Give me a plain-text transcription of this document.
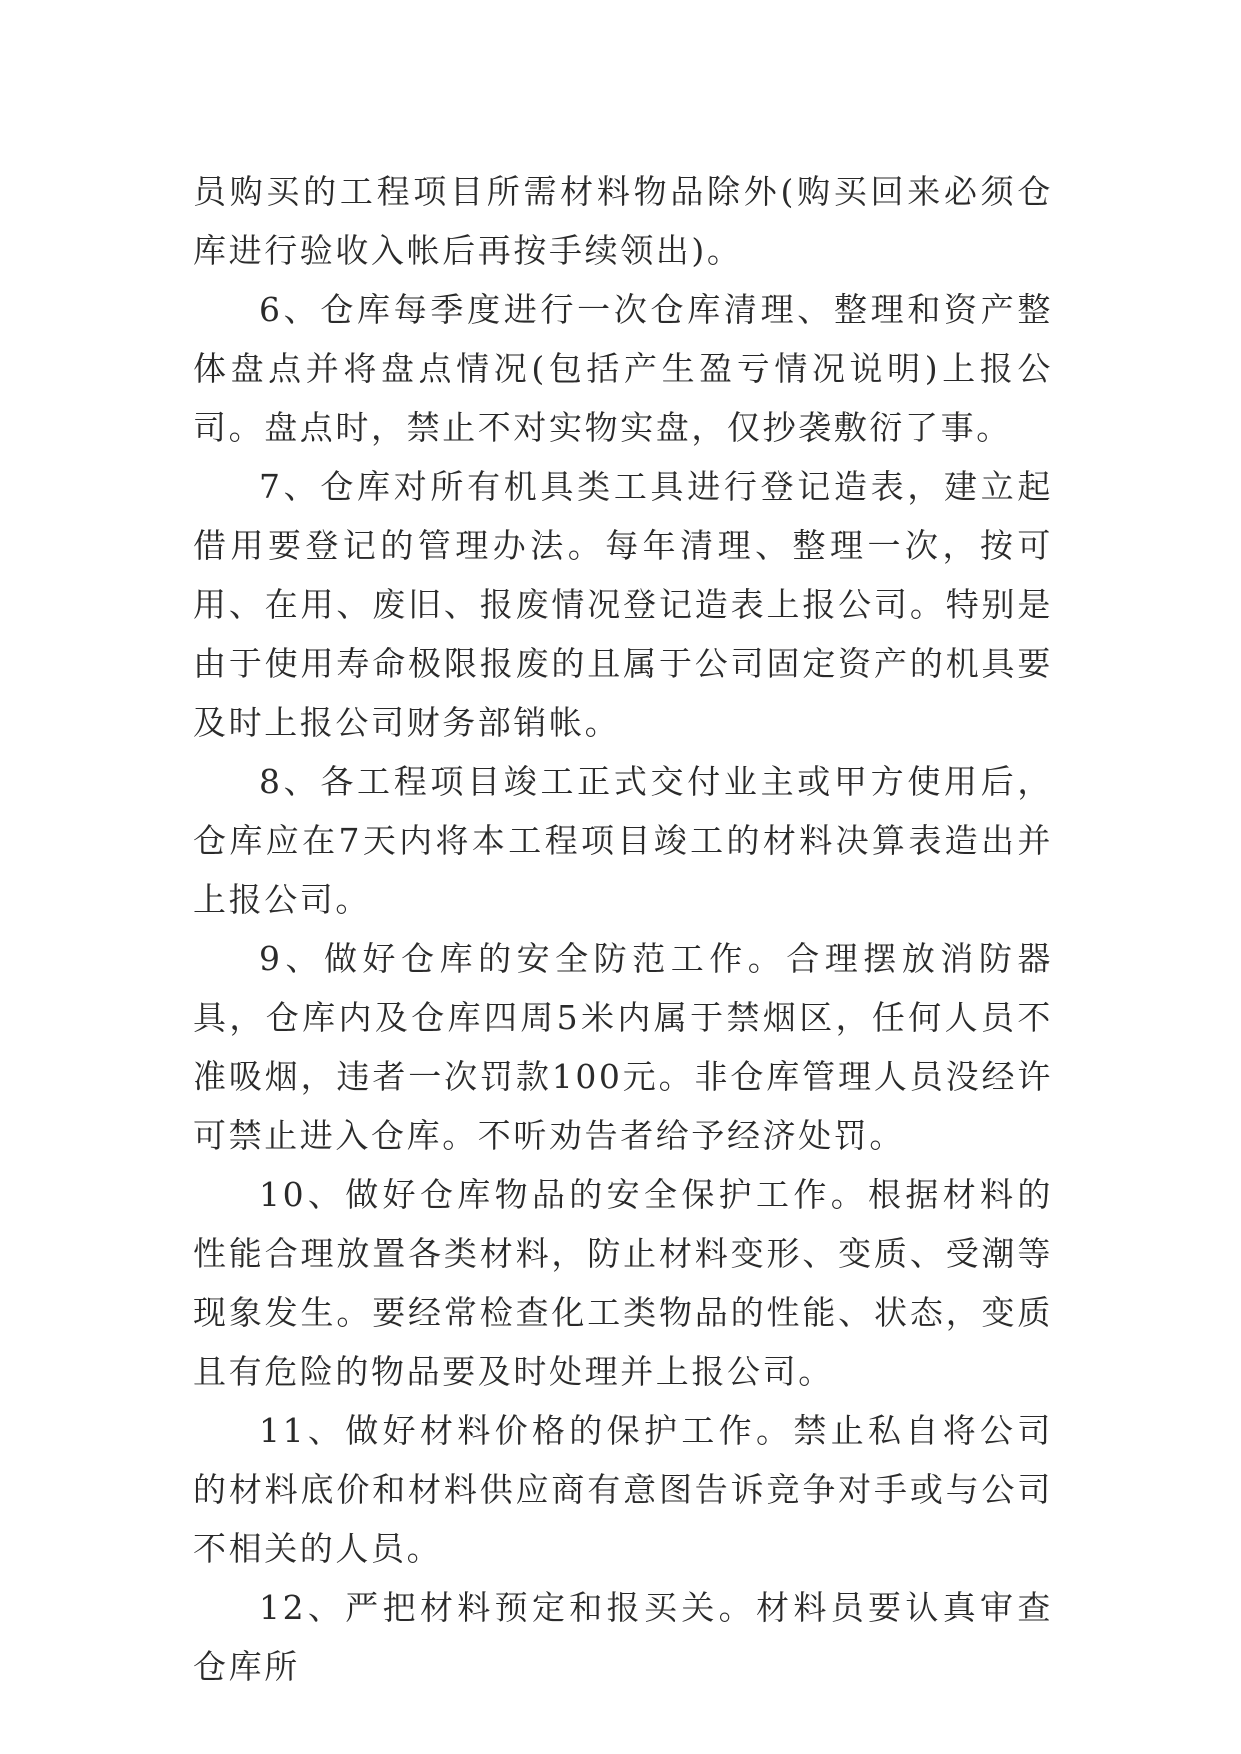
员购买的工程项目所需材料物品除外(购买回来必须仓库进行验收入帐后再按手续领出)。

6、仓库每季度进行一次仓库清理、整理和资产整体盘点并将盘点情况(包括产生盈亏情况说明)上报公司。盘点时，禁止不对实物实盘，仅抄袭敷衍了事。

7、仓库对所有机具类工具进行登记造表，建立起借用要登记的管理办法。每年清理、整理一次，按可用、在用、废旧、报废情况登记造表上报公司。特别是由于使用寿命极限报废的且属于公司固定资产的机具要及时上报公司财务部销帐。

8、各工程项目竣工正式交付业主或甲方使用后，仓库应在7天内将本工程项目竣工的材料决算表造出并上报公司。

9、做好仓库的安全防范工作。合理摆放消防器具，仓库内及仓库四周5米内属于禁烟区，任何人员不准吸烟，违者一次罚款100元。非仓库管理人员没经许可禁止进入仓库。不听劝告者给予经济处罚。

10、做好仓库物品的安全保护工作。根据材料的性能合理放置各类材料，防止材料变形、变质、受潮等现象发生。要经常检查化工类物品的性能、状态，变质且有危险的物品要及时处理并上报公司。

11、做好材料价格的保护工作。禁止私自将公司的材料底价和材料供应商有意图告诉竞争对手或与公司不相关的人员。

12、严把材料预定和报买关。材料员要认真审查仓库所
